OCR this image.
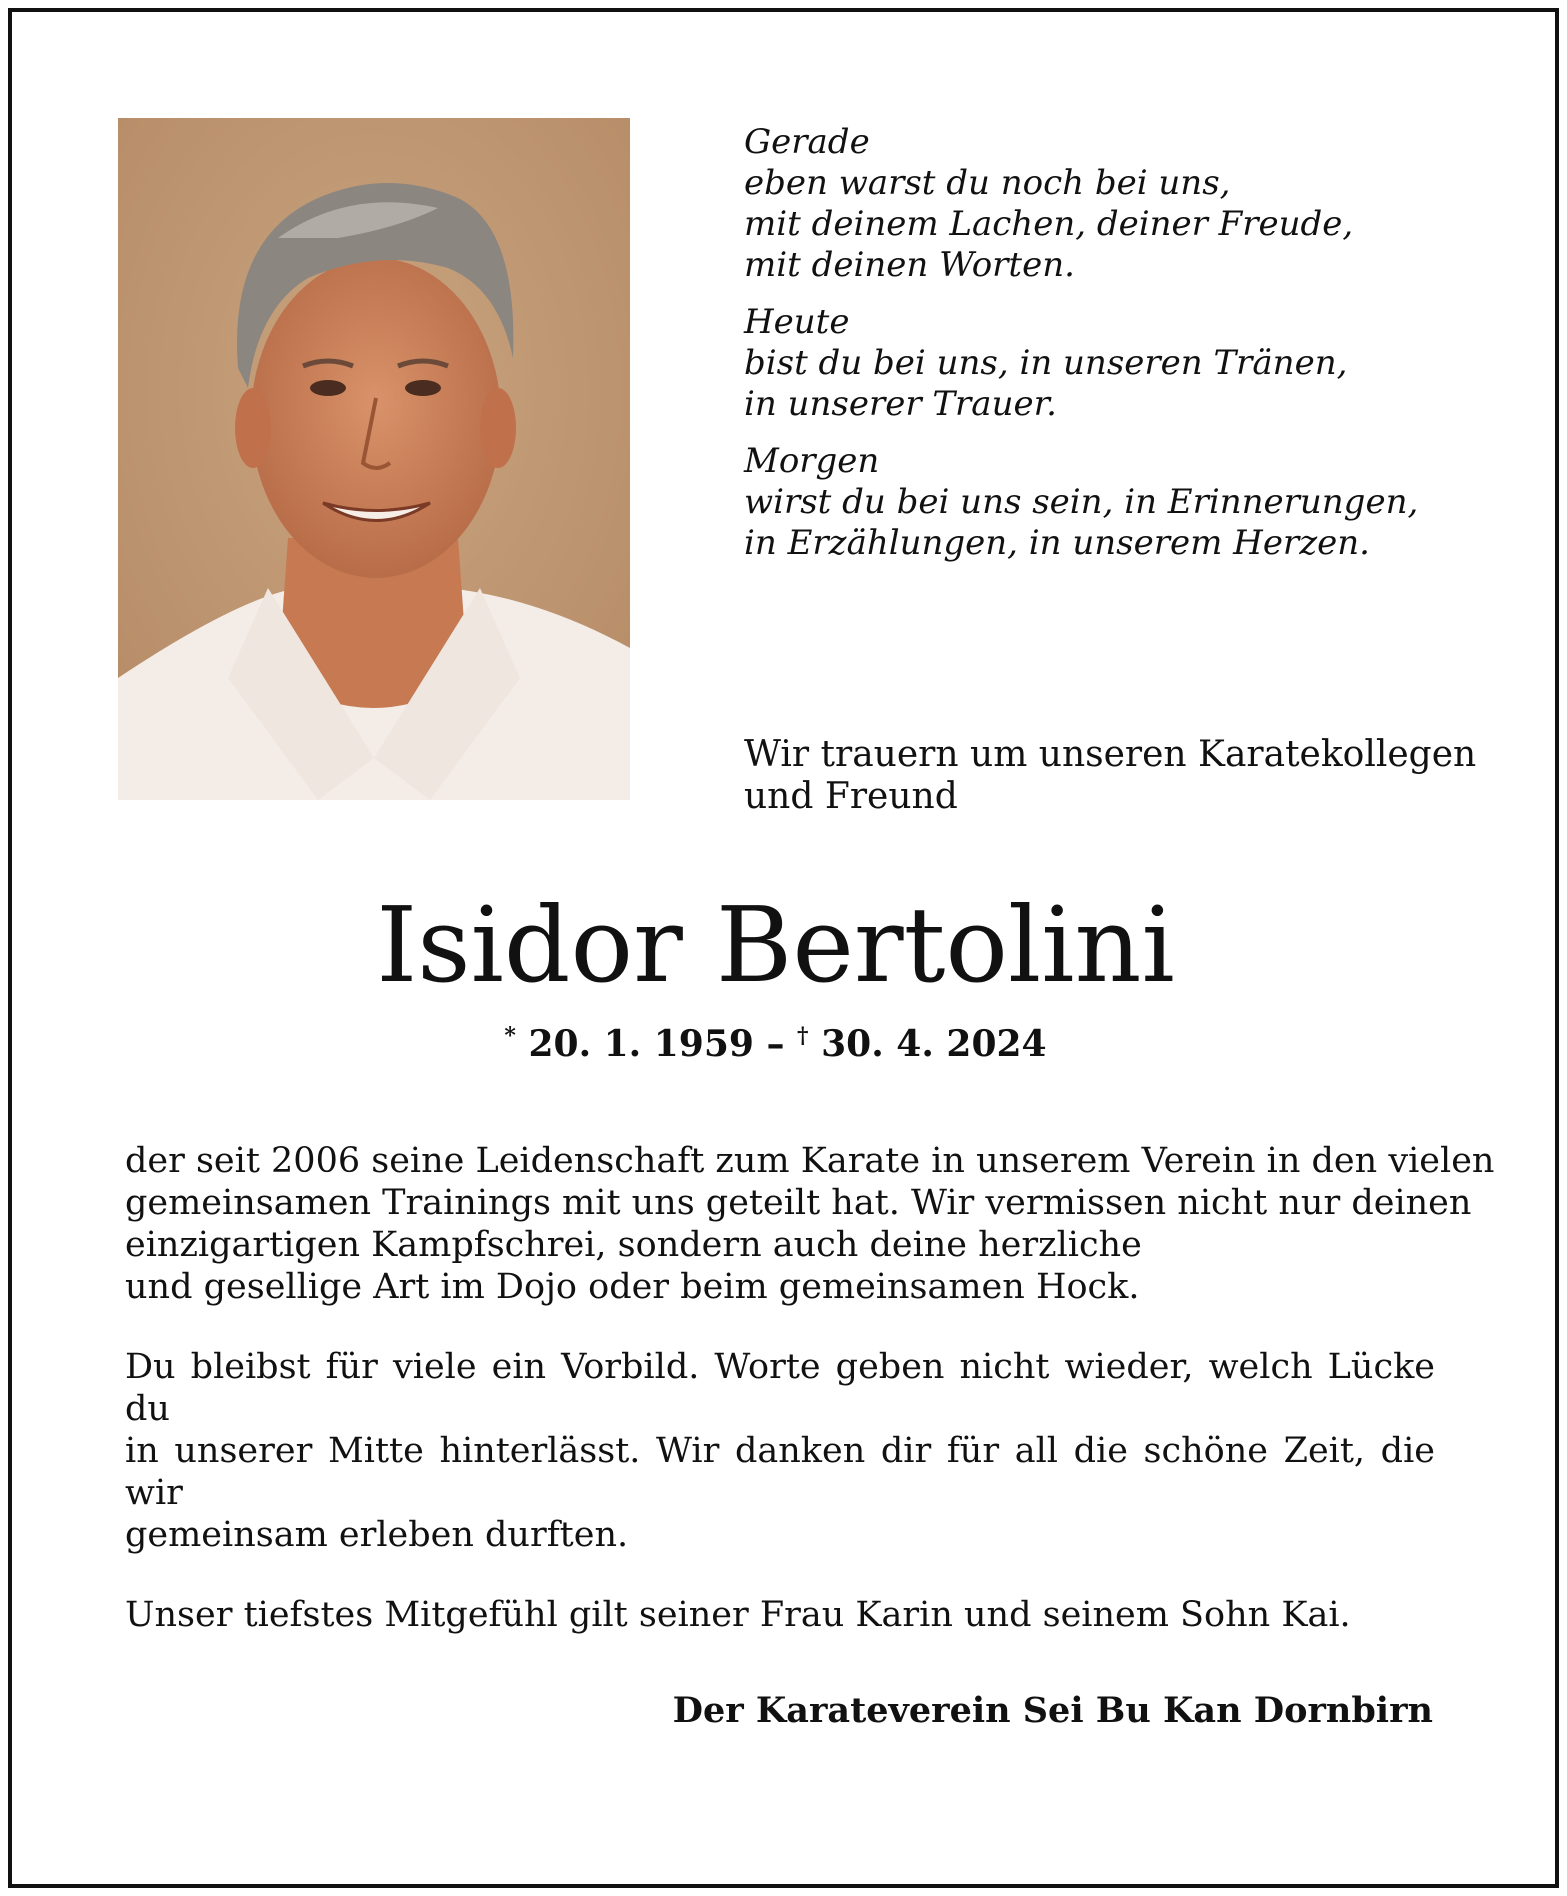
Gerade
eben warst du noch bei uns,
mit deinem Lachen, deiner Freude,
mit deinen Worten.
Heute
bist du bei uns, in unseren Tränen,
in unserer Trauer.
Morgen
wirst du bei uns sein, in Erinnerungen,
in Erzählungen, in unserem Herzen.
Wir trauern um unseren Karatekollegen
und Freund
Isidor Bertolini
* 20. 1. 1959 – † 30. 4. 2024
der seit 2006 seine Leidenschaft zum Karate in unserem Verein in den vielen
gemeinsamen Trainings mit uns geteilt hat. Wir vermissen nicht nur deinen
einzigartigen Kampfschrei, sondern auch deine herzliche
und gesellige Art im Dojo oder beim gemeinsamen Hock.
Du bleibst für viele ein Vorbild. Worte geben nicht wieder, welch Lücke du
in unserer Mitte hinterlässt. Wir danken dir für all die schöne Zeit, die wir
gemeinsam erleben durften.
Unser tiefstes Mitgefühl gilt seiner Frau Karin und seinem Sohn Kai.
Der Karateverein Sei Bu Kan Dornbirn
